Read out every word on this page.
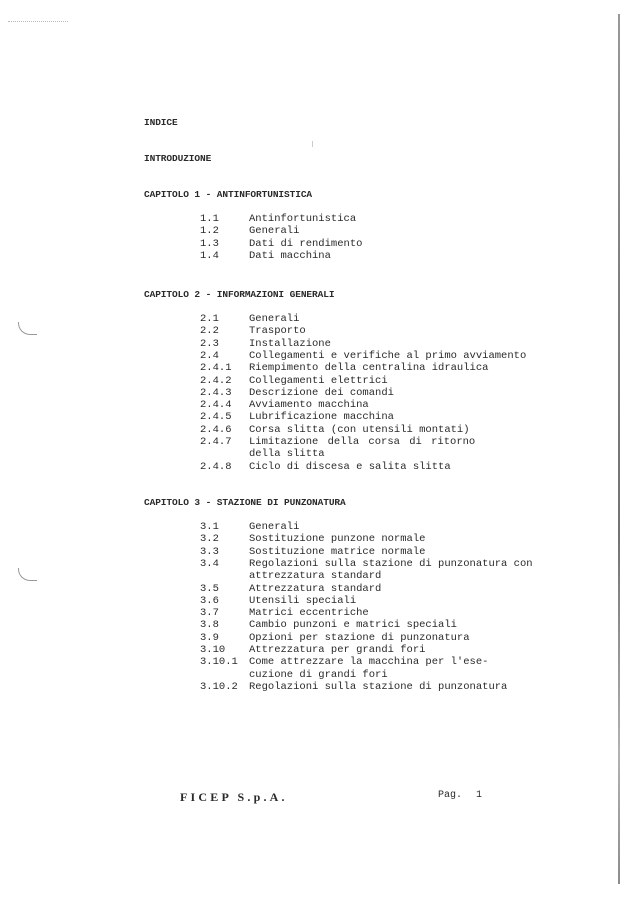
INDICE
INTRODUZIONE
CAPITOLO 1 - ANTINFORTUNISTICA
1.1	Antinfortunistica
1.2	Generali
1.3	Dati di rendimento
1.4	Dati macchina
CAPITOLO 2 - INFORMAZIONI GENERALI
2.1	Generali
2.2	Trasporto
2.3	Installazione
2.4	Collegamenti e verifiche al primo avviamento
2.4.1 Riempimento della centralina idraulica
2.4.2 Collegamenti elettrici
2.4.3 Descrizione dei comandi
2.4.4 Avviamento macchina
2.4.5 Lubrificazione macchina
2.4.6 Corsa slitta (con utensili montati)
2.4.7 Limitazione della corsa di ritorno
della slitta
2.4.8 Ciclo di discesa e salita slitta
CAPITOLO 3 - STAZIONE DI PUNZONATURA
3.1	Generali
3.2	Sostituzione punzone normale
3.3	Sostituzione matrice normale
3.4	Regolazioni sulla stazione di punzonatura con
attrezzatura standard
3.5	Attrezzatura standard
3.6	Utensili speciali
3.7	Matrici eccentriche
3.8	Cambio punzoni e matrici speciali
3.9	Opzioni per stazione di punzonatura
3.10 Attrezzatura per grandi fori
3.10.1 Come attrezzare la macchina per l'ese-
cuzione di grandi fori
3.10.2 Regolazioni sulla stazione di punzonatura
FICEP S.p.A.	Pag. 1
